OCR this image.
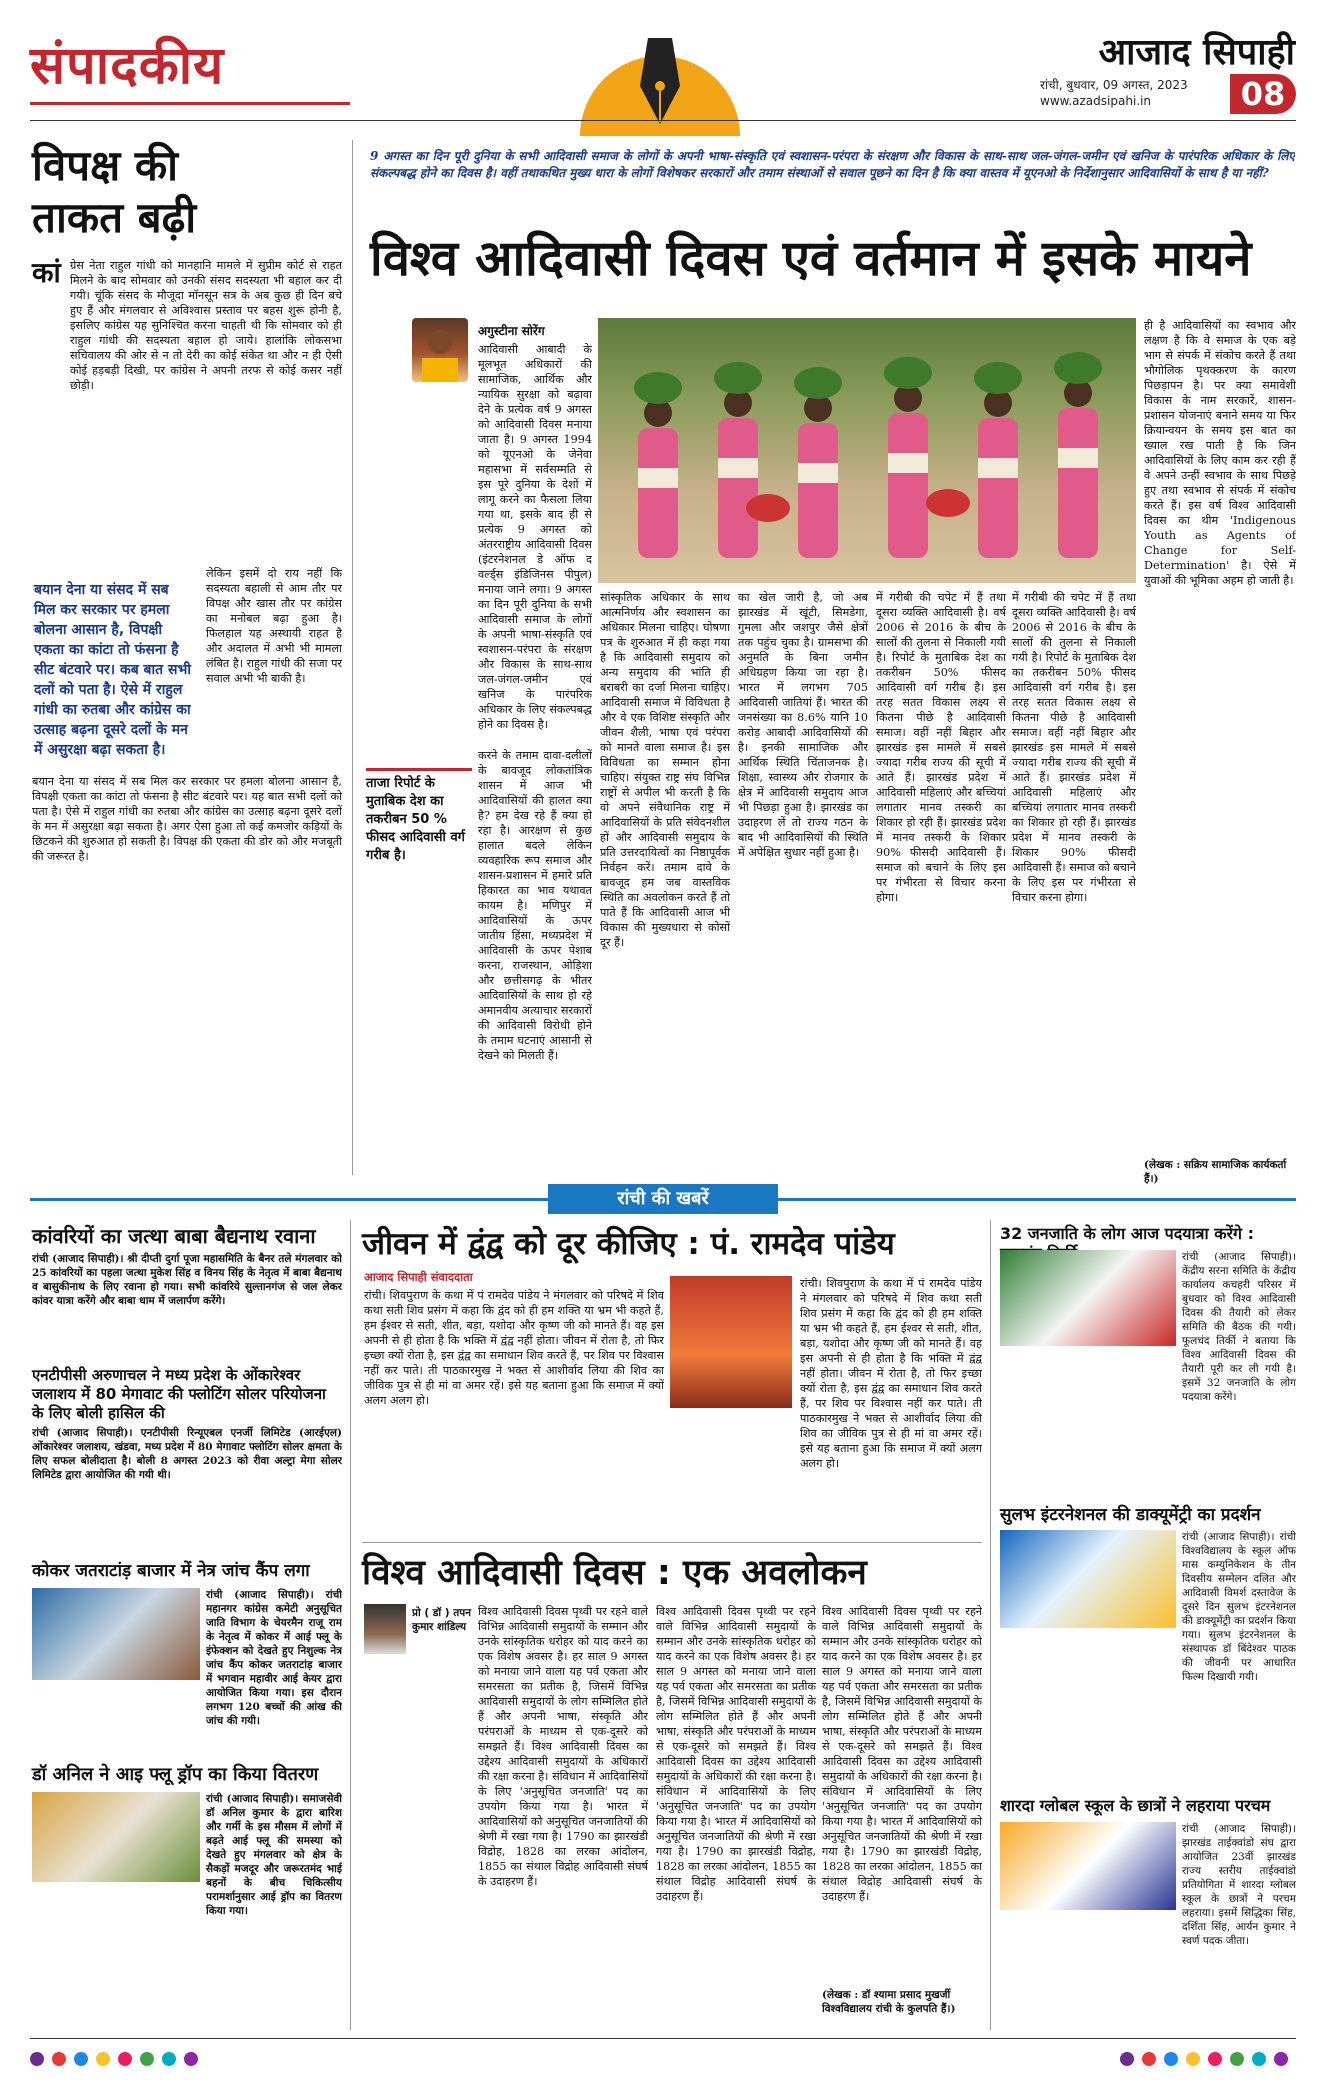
संपादकीय	आजाद सिपाही
रांची, बुधवार, 09 अगस्त, 2023
www.azadsipahi.in	08
विपक्ष की
ताकत बढ़ी
कां ग्रेस नेता राहुल गांधी को मानहानि मामले में सुप्रीम कोर्ट से राहत मिलने के बाद सोमवार को उनकी संसद सदस्यता भी बहाल कर दी गयी। चूंकि संसद के मौजूदा मॉनसून सत्र के अब कुछ ही दिन बचे हुए हैं और मंगलवार से अविश्वास प्रस्ताव पर बहस शुरू होनी है, इसलिए कांग्रेस यह सुनिश्चित करना चाहती थी कि सोमवार को ही राहुल गांधी की सदस्यता बहाल हो जाये। हालांकि लोकसभा सचिवालय की ओर से न तो देरी का कोई संकेत था और न ही ऐसी कोई हड़बड़ी दिखी, पर कांग्रेस ने अपनी तरफ से कोई कसर नहीं छोड़ी।
बयान देना या संसद में सब मिल कर सरकार पर हमला बोलना आसान है, विपक्षी एकता का कांटा तो फंसना है सीट बंटवारे पर। कब बात सभी दलों को पता है। ऐसे में राहुल गांधी का रुतबा और कांग्रेस का उत्साह बढ़ना दूसरे दलों के मन में असुरक्षा बढ़ा सकता है।
लेकिन इसमें दो राय नहीं कि सदस्यता बहाली से आम तौर पर विपक्ष और खास तौर पर कांग्रेस का मनोबल बढ़ा हुआ है। फिलहाल यह अस्थायी राहत है और अदालत में अभी भी मामला लंबित है। राहुल गांधी की सजा पर सवाल अभी भी बाकी है।
बयान देना या संसद में सब मिल कर सरकार पर हमला बोलना आसान है, विपक्षी एकता का कांटा तो फंसना है सीट बंटवारे पर। यह बात सभी दलों को पता है। ऐसे में राहुल गांधी का रुतबा और कांग्रेस का उत्साह बढ़ना दूसरे दलों के मन में असुरक्षा बढ़ा सकता है। अगर ऐसा हुआ तो कई कमजोर कड़ियों के छिटकने की शुरुआत हो सकती है। विपक्ष की एकता की डोर को और मजबूती की जरूरत है।
9 अगस्त का दिन पूरी दुनिया के सभी आदिवासी समाज के लोगों के अपनी भाषा-संस्कृति एवं स्वशासन-परंपरा के संरक्षण और विकास के साथ-साथ जल-जंगल-जमीन एवं खनिज के पारंपरिक अधिकार के लिए संकल्पबद्ध होने का दिवस है। वहीं तथाकथित मुख्य धारा के लोगों विशेषकर सरकारों और तमाम संस्थाओं से सवाल पूछने का दिन है कि क्या वास्तव में यूएनओ के निर्देशानुसार आदिवासियों के साथ है या नहीं?
विश्व आदिवासी दिवस एवं वर्तमान में इसके मायने
अगुस्टीना सोरेंग
आदिवासी आबादी के मूलभूत अधिकारों की सामाजिक, आर्थिक और न्यायिक सुरक्षा को बढ़ावा देने के प्रत्येक वर्ष 9 अगस्त को आदिवासी दिवस मनाया जाता है। 9 अगस्त 1994 को यूएनओ के जेनेवा महासभा में सर्वसम्मति से इस पूरे दुनिया के देशों में लागू करने का फैसला लिया गया था, इसके बाद ही से प्रत्येक 9 अगस्त को अंतरराष्ट्रीय आदिवासी दिवस (इंटरनेशनल डे ऑफ द वर्ल्ड्स इंडिजिनस पीपुल) मनाया जाने लगा। 9 अगस्त का दिन पूरी दुनिया के सभी आदिवासी समाज के लोगों के अपनी भाषा-संस्कृति एवं स्वशासन-परंपरा के संरक्षण और विकास के साथ-साथ जल-जंगल-जमीन एवं खनिज के पारंपरिक अधिकार के लिए संकल्पबद्ध होने का दिवस है।
ही है आदिवासियों का स्वभाव और लक्षण है कि वे समाज के एक बड़े भाग से संपर्क में संकोच करते हैं तथा भौगोलिक पृथक्करण के कारण पिछड़ापन है। पर क्या समावेशी विकास के नाम सरकारें, शासन-प्रशासन योजनाएं बनाने समय या फिर क्रियान्वयन के समय इस बात का ख्याल रख पाती है कि जिन आदिवासियों के लिए काम कर रही हैं वे अपने उन्हीं स्वभाव के साथ पिछड़े हुए तथा स्वभाव से संपर्क में संकोच करते हैं। इस वर्ष विश्व आदिवासी दिवस का थीम 'Indigenous Youth as Agents of Change for Self-Determination' है। ऐसे में युवाओं की भूमिका अहम हो जाती है।
ताजा रिपोर्ट के मुताबिक देश का तकरीबन 50 % फीसद आदिवासी वर्ग गरीब है।
करने के तमाम दावा-दलीलों के बावजूद लोकतांत्रिक शासन में आज भी आदिवासियों की हालत क्या है? हम देख रहे हैं क्या हो रहा है। आरक्षण से कुछ हालात बदले लेकिन व्यवहारिक रूप समाज और शासन-प्रशासन में हमारे प्रति हिकारत का भाव यथावत कायम है। मणिपुर में आदिवासियों के ऊपर जातीय हिंसा, मध्यप्रदेश में आदिवासी के ऊपर पेशाब करना, राजस्थान, ओड़िशा और छत्तीसगढ़ के भीतर आदिवासियों के साथ हो रहे अमानवीय अत्याचार सरकारों की आदिवासी विरोधी होने के तमाम घटनाएं आसानी से देखने को मिलती हैं।
सांस्कृतिक अधिकार के साथ आत्मनिर्णय और स्वशासन का अधिकार मिलना चाहिए। घोषणा पत्र के शुरुआत में ही कहा गया है कि आदिवासी समुदाय को अन्य समुदाय की भांति ही बराबरी का दर्जा मिलना चाहिए। आदिवासी समाज में विविधता है और वे एक विशिष्ट संस्कृति और जीवन शैली, भाषा एवं परंपरा को मानते वाला समाज है। इस विविधता का सम्मान होना चाहिए। संयुक्त राष्ट्र संघ विभिन्न राष्ट्रों से अपील भी करती है कि वो अपने संवैधानिक राष्ट्र में आदिवासियों के प्रति संवेदनशील हों और आदिवासी समुदाय के प्रति उत्तरदायित्वों का निष्ठापूर्वक निर्वहन करें। तमाम दावे के बावजूद हम जब वास्तविक स्थिति का अवलोकन करते हैं तो पाते हैं कि आदिवासी आज भी विकास की मुख्यधारा से कोसों दूर हैं।
का खेल जारी है, जो अब झारखंड में खूंटी, सिमडेगा, गुमला और जशपुर जैसे क्षेत्रों तक पहुंच चुका है। ग्रामसभा की अनुमति के बिना जमीन अधिग्रहण किया जा रहा है। भारत में लगभग 705 आदिवासी जातियां हैं। भारत की जनसंख्या का 8.6% यानि 10 करोड़ आबादी आदिवासियों की है। इनकी सामाजिक और आर्थिक स्थिति चिंताजनक है। शिक्षा, स्वास्थ्य और रोजगार के क्षेत्र में आदिवासी समुदाय आज भी पिछड़ा हुआ है। झारखंड का उदाहरण लें तो राज्य गठन के बाद भी आदिवासियों की स्थिति में अपेक्षित सुधार नहीं हुआ है।
में गरीबी की चपेट में हैं तथा दूसरा व्यक्ति आदिवासी है। वर्ष 2006 से 2016 के बीच के सालों की तुलना से निकाली गयी है। रिपोर्ट के मुताबिक देश का तकरीबन 50% फीसद आदिवासी वर्ग गरीब है। इस तरह सतत विकास लक्ष्य से कितना पीछे है आदिवासी समाज। वहीं नहीं बिहार और झारखंड इस मामले में सबसे ज्यादा गरीब राज्य की सूची में आते हैं। झारखंड प्रदेश में आदिवासी महिलाएं और बच्चियां लगातार मानव तस्करी का शिकार हो रही हैं। झारखंड प्रदेश में मानव तस्करी के शिकार 90% फीसदी आदिवासी हैं। समाज को बचाने के लिए इस पर गंभीरता से विचार करना होगा।
में गरीबी की चपेट में हैं तथा दूसरा व्यक्ति आदिवासी है। वर्ष 2006 से 2016 के बीच के सालों की तुलना से निकाली गयी है। रिपोर्ट के मुताबिक देश का तकरीबन 50% फीसद आदिवासी वर्ग गरीब है। इस तरह सतत विकास लक्ष्य से कितना पीछे है आदिवासी समाज। वहीं नहीं बिहार और झारखंड इस मामले में सबसे ज्यादा गरीब राज्य की सूची में आते हैं। झारखंड प्रदेश में आदिवासी महिलाएं और बच्चियां लगातार मानव तस्करी का शिकार हो रही हैं। झारखंड प्रदेश में मानव तस्करी के शिकार 90% फीसदी आदिवासी हैं। समाज को बचाने के लिए इस पर गंभीरता से विचार करना होगा।
(लेखक : सक्रिय सामाजिक कार्यकर्ता हैं।)
रांची की खबरें
कांवरियों का जत्था बाबा बैद्यनाथ रवाना
रांची (आजाद सिपाही)। श्री दीप्ती दुर्गा पूजा महासमिति के बैनर तले मंगलवार को 25 कांवरियों का पहला जत्था मुकेश सिंह व विनय सिंह के नेतृत्व में बाबा बैद्यनाथ व बासुकीनाथ के लिए रवाना हो गया। सभी कांवरिये सुल्तानगंज से जल लेकर कांवर यात्रा करेंगे और बाबा धाम में जलार्पण करेंगे।
एनटीपीसी अरुणाचल ने मध्य प्रदेश के ओंकारेश्वर जलाशय में 80 मेगावाट की फ्लोटिंग सोलर परियोजना के लिए बोली हासिल की
रांची (आजाद सिपाही)। एनटीपीसी रिन्यूएबल एनर्जी लिमिटेड (आरईएल) ओंकारेश्वर जलाशय, खंडवा, मध्य प्रदेश में 80 मेगावाट फ्लोटिंग सोलर क्षमता के लिए सफल बोलीदाता है। बोली 8 अगस्त 2023 को रीवा अल्ट्रा मेगा सोलर लिमिटेड द्वारा आयोजित की गयी थी।
कोकर जतराटांड़ बाजार में नेत्र जांच कैंप लगा
रांची (आजाद सिपाही)। रांची महानगर कांग्रेस कमेटी अनुसूचित जाति विभाग के चेयरमैन राजू राम के नेतृत्व में कोकर में आई फ्लू के इंफेक्शन को देखते हुए निशुल्क नेत्र जांच कैंप कोकर जतराटांड़ बाजार में भगवान महावीर आई केयर द्वारा आयोजित किया गया। इस दौरान लगभग 120 बच्चों की आंख की जांच की गयी।
डॉ अनिल ने आइ फ्लू ड्रॉप का किया वितरण
रांची (आजाद सिपाही)। समाजसेवी डॉ अनिल कुमार के द्वारा बारिश और गर्मी के इस मौसम में लोगों में बढ़ते आई फ्लू की समस्या को देखते हुए मंगलवार को क्षेत्र के सैकड़ों मजदूर और जरूरतमंद भाई बहनों के बीच चिकित्सीय परामर्शानुसार आई ड्रॉप का वितरण किया गया।
जीवन में द्वंद्व को दूर कीजिए : पं. रामदेव पांडेय
आजाद सिपाही संवाददाता
रांची। शिवपुराण के कथा में पं रामदेव पांडेय ने मंगलवार को परिषदे में शिव कथा सती शिव प्रसंग में कहा कि द्वंद को ही हम शक्ति या भ्रम भी कहते हैं, हम ईश्वर से सती, शीत, बड़ा, यशोदा और कृष्ण जी को मानते हैं। वह इस अपनी से ही होता है कि भक्ति में द्वंद्व नहीं होता। जीवन में रोता है, तो फिर इच्छा क्यों रोता है, इस द्वंद्व का समाधान शिव करते हैं, पर शिव पर विश्वास नहीं कर पाते। ती पाठकारमुख ने भक्त से आशीर्वाद लिया की शिव का जीविक पुत्र से ही मां वा अमर रहें। इसे यह बताना हुआ कि समाज में क्यों अलग अलग हो।
रांची। शिवपुराण के कथा में पं रामदेव पांडेय ने मंगलवार को परिषदे में शिव कथा सती शिव प्रसंग में कहा कि द्वंद को ही हम शक्ति या भ्रम भी कहते हैं, हम ईश्वर से सती, शीत, बड़ा, यशोदा और कृष्ण जी को मानते हैं। वह इस अपनी से ही होता है कि भक्ति में द्वंद्व नहीं होता। जीवन में रोता है, तो फिर इच्छा क्यों रोता है, इस द्वंद्व का समाधान शिव करते हैं, पर शिव पर विश्वास नहीं कर पाते। ती पाठकारमुख ने भक्त से आशीर्वाद लिया की शिव का जीविक पुत्र से ही मां वा अमर रहें। इसे यह बताना हुआ कि समाज में क्यों अलग अलग हो।
विश्व आदिवासी दिवस : एक अवलोकन
प्रो ( डॉ ) तपन कुमार शांडिल्य
विश्व आदिवासी दिवस पृथ्वी पर रहने वाले विभिन्न आदिवासी समुदायों के सम्मान और उनके सांस्कृतिक धरोहर को याद करने का एक विशेष अवसर है। हर साल 9 अगस्त को मनाया जाने वाला यह पर्व एकता और समरसता का प्रतीक है, जिसमें विभिन्न आदिवासी समुदायों के लोग सम्मिलित होते हैं और अपनी भाषा, संस्कृति और परंपराओं के माध्यम से एक-दूसरे को समझते हैं। विश्व आदिवासी दिवस का उद्देश्य आदिवासी समुदायों के अधिकारों की रक्षा करना है। संविधान में आदिवासियों के लिए 'अनुसूचित जनजाति' पद का उपयोग किया गया है। भारत में आदिवासियों को अनुसूचित जनजातियों की श्रेणी में रखा गया है। 1790 का झारखंडी विद्रोह, 1828 का लरका आंदोलन, 1855 का संथाल विद्रोह आदिवासी संघर्ष के उदाहरण हैं।
विश्व आदिवासी दिवस पृथ्वी पर रहने वाले विभिन्न आदिवासी समुदायों के सम्मान और उनके सांस्कृतिक धरोहर को याद करने का एक विशेष अवसर है। हर साल 9 अगस्त को मनाया जाने वाला यह पर्व एकता और समरसता का प्रतीक है, जिसमें विभिन्न आदिवासी समुदायों के लोग सम्मिलित होते हैं और अपनी भाषा, संस्कृति और परंपराओं के माध्यम से एक-दूसरे को समझते हैं। विश्व आदिवासी दिवस का उद्देश्य आदिवासी समुदायों के अधिकारों की रक्षा करना है। संविधान में आदिवासियों के लिए 'अनुसूचित जनजाति' पद का उपयोग किया गया है। भारत में आदिवासियों को अनुसूचित जनजातियों की श्रेणी में रखा गया है। 1790 का झारखंडी विद्रोह, 1828 का लरका आंदोलन, 1855 का संथाल विद्रोह आदिवासी संघर्ष के उदाहरण हैं।
विश्व आदिवासी दिवस पृथ्वी पर रहने वाले विभिन्न आदिवासी समुदायों के सम्मान और उनके सांस्कृतिक धरोहर को याद करने का एक विशेष अवसर है। हर साल 9 अगस्त को मनाया जाने वाला यह पर्व एकता और समरसता का प्रतीक है, जिसमें विभिन्न आदिवासी समुदायों के लोग सम्मिलित होते हैं और अपनी भाषा, संस्कृति और परंपराओं के माध्यम से एक-दूसरे को समझते हैं। विश्व आदिवासी दिवस का उद्देश्य आदिवासी समुदायों के अधिकारों की रक्षा करना है। संविधान में आदिवासियों के लिए 'अनुसूचित जनजाति' पद का उपयोग किया गया है। भारत में आदिवासियों को अनुसूचित जनजातियों की श्रेणी में रखा गया है। 1790 का झारखंडी विद्रोह, 1828 का लरका आंदोलन, 1855 का संथाल विद्रोह आदिवासी संघर्ष के उदाहरण हैं।
(लेखक : डॉ श्यामा प्रसाद मुखर्जी विश्वविद्यालय रांची के कुलपति हैं।)
32 जनजाति के लोग आज पदयात्रा करेंगे :
रांची (आजाद सिपाही)। केंद्रीय सरना समिति के केंद्रीय कार्यालय कचहरी परिसर में बुधवार को विश्व आदिवासी दिवस की तैयारी को लेकर समिति की बैठक की गयी। फूलचंद तिर्की ने बताया कि विश्व आदिवासी दिवस की तैयारी पूरी कर ली गयी है। इसमें 32 जनजाति के लोग पदयात्रा करेंगे।
सुलभ इंटरनेशनल की डाक्यूमेंट्री का प्रदर्शन
रांची (आजाद सिपाही)। रांची विश्वविद्यालय के स्कूल ऑफ मास कम्युनिकेशन के तीन दिवसीय सम्मेलन दलित और आदिवासी विमर्श दस्तावेज के दूसरे दिन सुलभ इंटरनेशनल की डाक्यूमेंट्री का प्रदर्शन किया गया। सुलभ इंटरनेशनल के संस्थापक डॉ बिंदेश्वर पाठक की जीवनी पर आधारित फिल्म दिखायी गयी।
शारदा ग्लोबल स्कूल के छात्रों ने लहराया परचम
रांची (आजाद सिपाही)। झारखंड ताईक्वांडो संघ द्वारा आयोजित 23वीं झारखंड राज्य स्तरीय ताईक्वांडो प्रतियोगिता में शारदा ग्लोबल स्कूल के छात्रों ने परचम लहराया। इसमें सिद्धिका सिंह, दर्शिता सिंह, आर्यन कुमार ने स्वर्ण पदक जीता।
